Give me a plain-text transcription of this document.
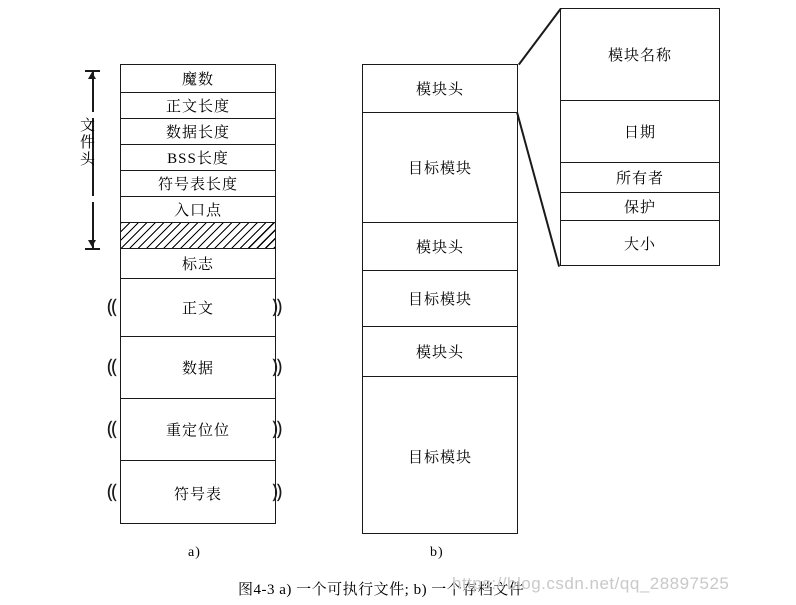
文件头
魔数
正文长度
数据长度
BSS长度
符号表长度
入口点
标志
正文
数据
重定位位
符号表
模块头
目标模块
模块头
目标模块
模块头
目标模块
模块名称
日期
所有者
保护
大小
a)	b)
图4-3 a) 一个可执行文件; b) 一个存档文件
https://blog.csdn.net/qq_28897525
⸨	⸩
⸨	⸩
⸨	⸩
⸨	⸩
